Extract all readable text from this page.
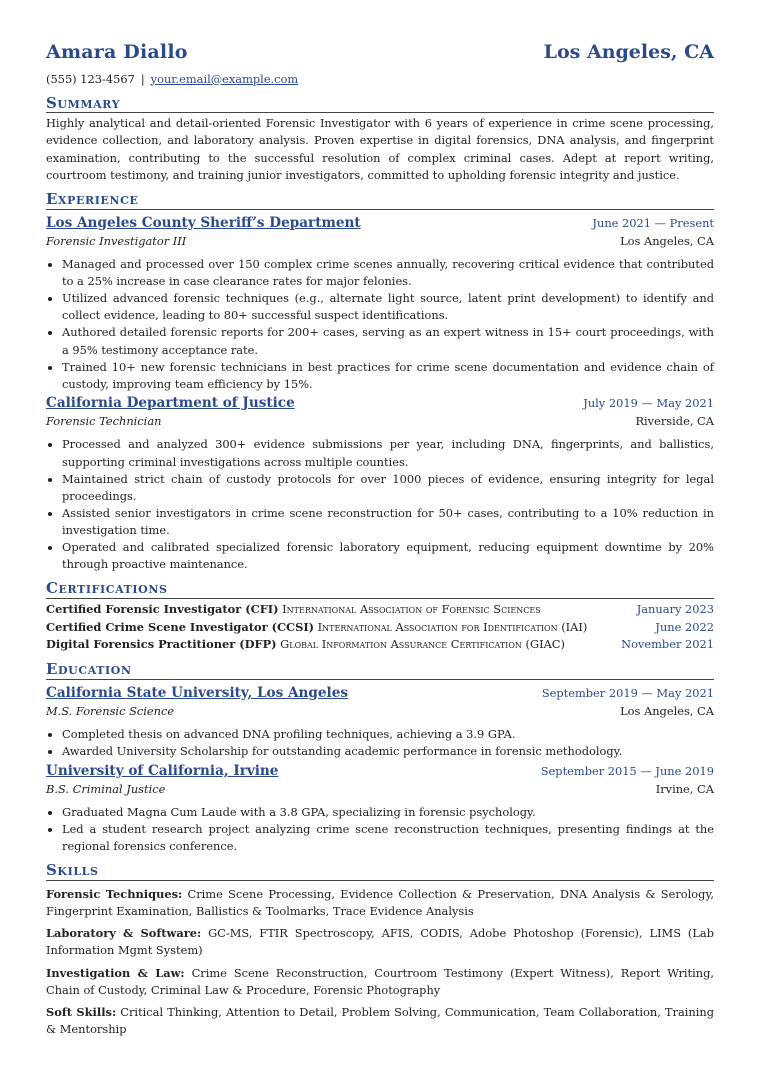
Amara Diallo	Los Angeles, CA
(555) 123-4567 | your.email@example.com
Summary
Highly analytical and detail-oriented Forensic Investigator with 6 years of experience in crime scene processing, evidence collection, and laboratory analysis. Proven expertise in digital forensics, DNA analysis, and fingerprint examination, contributing to the successful resolution of complex criminal cases. Adept at report writing, courtroom testimony, and training junior investigators, committed to upholding forensic integrity and justice.
Experience
Los Angeles County Sheriff’s Department	June 2021 — Present
Forensic Investigator III	Los Angeles, CA
• Managed and processed over 150 complex crime scenes annually, recovering critical evidence that contributed to a 25% increase in case clearance rates for major felonies.
• Utilized advanced forensic techniques (e.g., alternate light source, latent print development) to identify and collect evidence, leading to 80+ successful suspect identifications.
• Authored detailed forensic reports for 200+ cases, serving as an expert witness in 15+ court proceedings, with a 95% testimony acceptance rate.
• Trained 10+ new forensic technicians in best practices for crime scene documentation and evidence chain of custody, improving team efficiency by 15%.
California Department of Justice	July 2019 — May 2021
Forensic Technician	Riverside, CA
• Processed and analyzed 300+ evidence submissions per year, including DNA, fingerprints, and ballistics, supporting criminal investigations across multiple counties.
• Maintained strict chain of custody protocols for over 1000 pieces of evidence, ensuring integrity for legal proceedings.
• Assisted senior investigators in crime scene reconstruction for 50+ cases, contributing to a 10% reduction in investigation time.
• Operated and calibrated specialized forensic laboratory equipment, reducing equipment downtime by 20% through proactive maintenance.
Certifications
Certified Forensic Investigator (CFI) International Association of Forensic Sciences	January 2023
Certified Crime Scene Investigator (CCSI) International Association for Identification (IAI)	June 2022
Digital Forensics Practitioner (DFP) Global Information Assurance Certification (GIAC)	November 2021
Education
California State University, Los Angeles	September 2019 — May 2021
M.S. Forensic Science	Los Angeles, CA
• Completed thesis on advanced DNA profiling techniques, achieving a 3.9 GPA.
• Awarded University Scholarship for outstanding academic performance in forensic methodology.
University of California, Irvine	September 2015 — June 2019
B.S. Criminal Justice	Irvine, CA
• Graduated Magna Cum Laude with a 3.8 GPA, specializing in forensic psychology.
• Led a student research project analyzing crime scene reconstruction techniques, presenting findings at the regional forensics conference.
Skills
Forensic Techniques: Crime Scene Processing, Evidence Collection & Preservation, DNA Analysis & Serology, Fingerprint Examination, Ballistics & Toolmarks, Trace Evidence Analysis
Laboratory & Software: GC-MS, FTIR Spectroscopy, AFIS, CODIS, Adobe Photoshop (Forensic), LIMS (Lab Information Mgmt System)
Investigation & Law: Crime Scene Reconstruction, Courtroom Testimony (Expert Witness), Report Writing, Chain of Custody, Criminal Law & Procedure, Forensic Photography
Soft Skills: Critical Thinking, Attention to Detail, Problem Solving, Communication, Team Collaboration, Training & Mentorship
